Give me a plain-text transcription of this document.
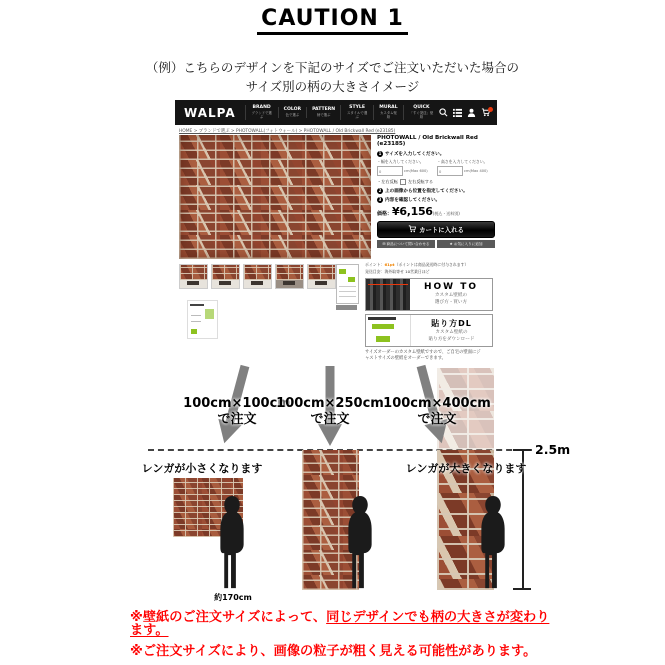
CAUTION 1
（例）こちらのデザインを下記のサイズでご注文いただいた場合の
サイズ別の柄の大きさイメージ
WALPA	BRAND
ブランドで選ぶ
COLOR
色で選ぶ
PATTERN
柄で選ぶ
STYLE
スタイルで選ぶ
MURAL
カスタム壁紙
QUICK
「すぐ発送」壁紙
HOME > ブランドで選ぶ > PHOTOWALL(フォトウォール) > PHOTOWALL / Old Brickwall Red (e23185)
PHOTOWALL / Old Brickwall Red (e23185)
1 サイズを入力してください。
・幅を入力してください。
0
cm(Max 600)
・高さを入力してください。
0
cm(Max 400)
・左右反転 左右反転する
2 上の画像から位置を指定してください。
3 内容を確認してください。
価格：¥6,156(税込・送料別)
カートに入れる
✉ 商品について問い合わせる	★ お気に入りに追加
ポイント：61pt（ポイントは商品発送時に付与されます）
発送目安：海外取寄せ 10営業日ほど
HOW TO
カスタム壁紙の
選び方・買い方
貼り方DL
カスタム壁紙の
貼り方をダウンロード
サイズオーダーのカスタム壁紙ですので、ご自宅の壁面にジャストサイズの壁紙をオーダーできます。
100cm×100cm
で注文
100cm×250cm
で注文
100cm×400cm
で注文
2.5m
レンガが小さくなります	レンガが大きくなります
約170cm
※壁紙のご注文サイズによって、同じデザインでも柄の大きさが変わります。
※ご注文サイズにより、画像の粒子が粗く見える可能性があります。
